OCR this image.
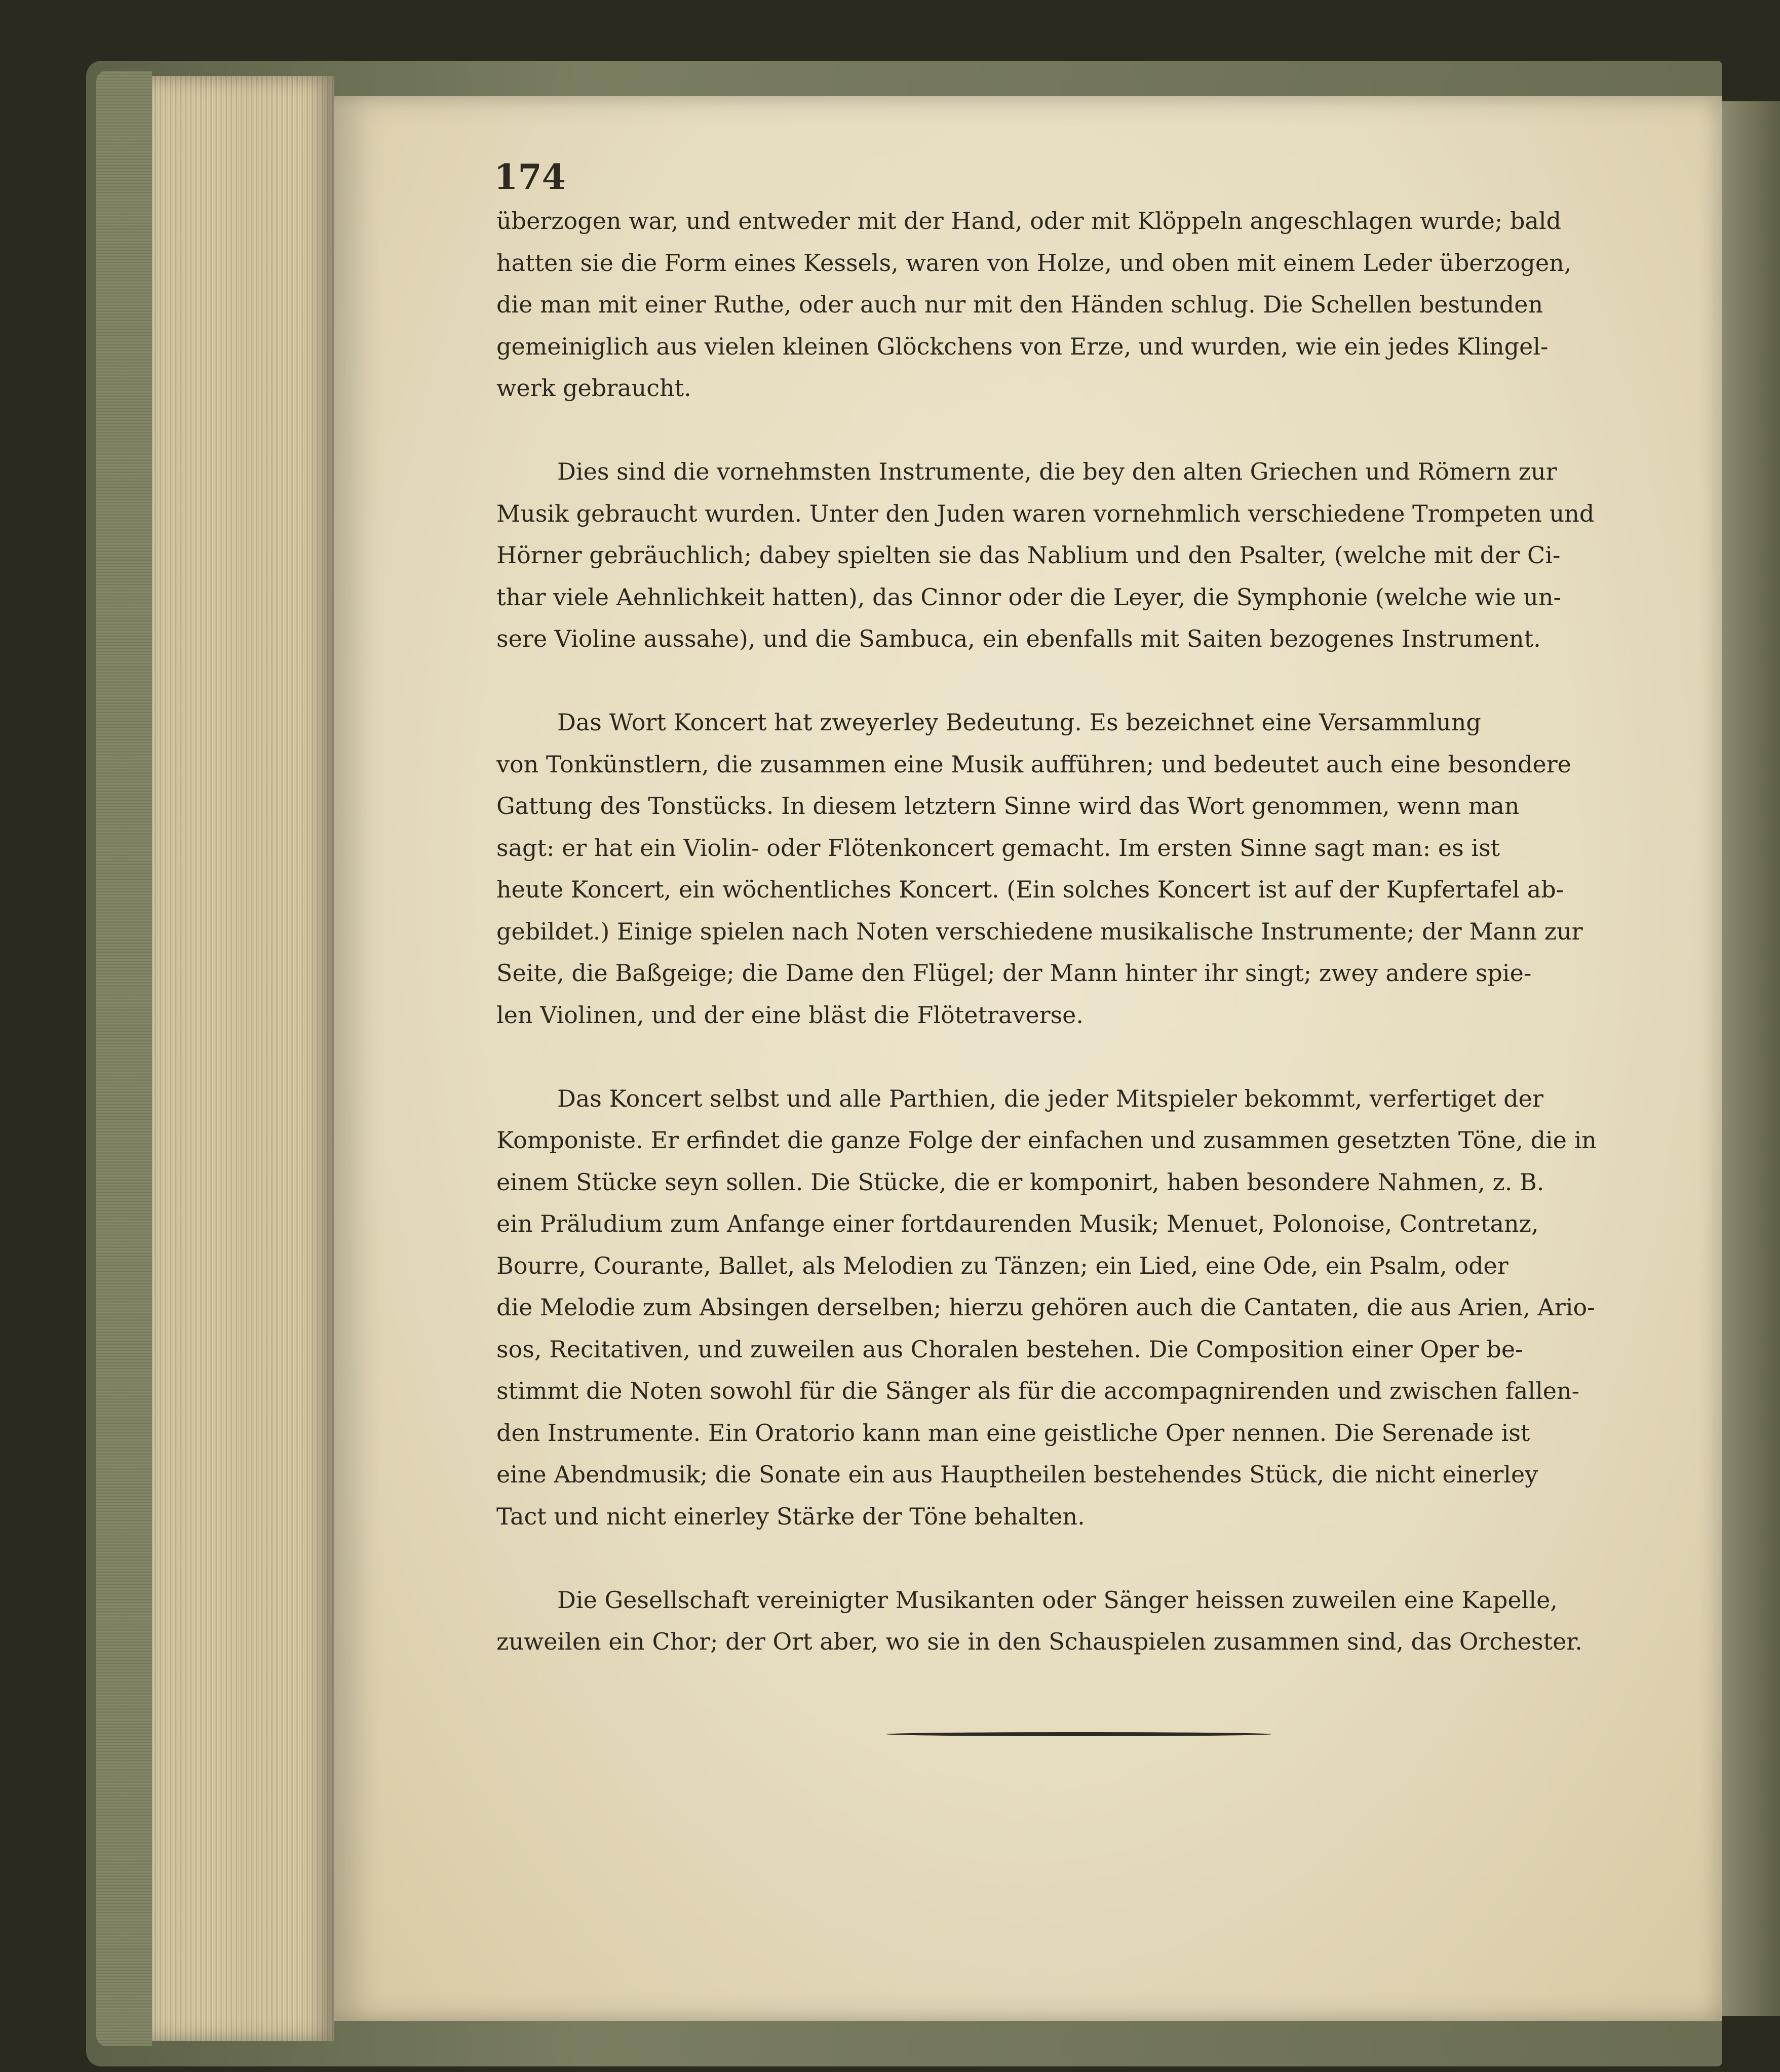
174
überzogen war, und entweder mit der Hand, oder mit Klöppeln angeschlagen wurde; bald
hatten sie die Form eines Kessels, waren von Holze, und oben mit einem Leder überzogen,
die man mit einer Ruthe, oder auch nur mit den Händen schlug. Die Schellen bestunden
gemeiniglich aus vielen kleinen Glöckchens von Erze, und wurden, wie ein jedes Klingel-
werk gebraucht.
Dies sind die vornehmsten Instrumente, die bey den alten Griechen und Römern zur
Musik gebraucht wurden. Unter den Juden waren vornehmlich verschiedene Trompeten und
Hörner gebräuchlich; dabey spielten sie das Nablium und den Psalter, (welche mit der Ci-
thar viele Aehnlichkeit hatten), das Cinnor oder die Leyer, die Symphonie (welche wie un-
sere Violine aussahe), und die Sambuca, ein ebenfalls mit Saiten bezogenes Instrument.
Das Wort Koncert hat zweyerley Bedeutung. Es bezeichnet eine Versammlung
von Tonkünstlern, die zusammen eine Musik aufführen; und bedeutet auch eine besondere
Gattung des Tonstücks. In diesem letztern Sinne wird das Wort genommen, wenn man
sagt: er hat ein Violin- oder Flötenkoncert gemacht. Im ersten Sinne sagt man: es ist
heute Koncert, ein wöchentliches Koncert. (Ein solches Koncert ist auf der Kupfertafel ab-
gebildet.) Einige spielen nach Noten verschiedene musikalische Instrumente; der Mann zur
Seite, die Baßgeige; die Dame den Flügel; der Mann hinter ihr singt; zwey andere spie-
len Violinen, und der eine bläst die Flötetraverse.
Das Koncert selbst und alle Parthien, die jeder Mitspieler bekommt, verfertiget der
Komponiste. Er erfindet die ganze Folge der einfachen und zusammen gesetzten Töne, die in
einem Stücke seyn sollen. Die Stücke, die er komponirt, haben besondere Nahmen, z. B.
ein Präludium zum Anfange einer fortdaurenden Musik; Menuet, Polonoise, Contretanz,
Bourre, Courante, Ballet, als Melodien zu Tänzen; ein Lied, eine Ode, ein Psalm, oder
die Melodie zum Absingen derselben; hierzu gehören auch die Cantaten, die aus Arien, Ario-
sos, Recitativen, und zuweilen aus Choralen bestehen. Die Composition einer Oper be-
stimmt die Noten sowohl für die Sänger als für die accompagnirenden und zwischen fallen-
den Instrumente. Ein Oratorio kann man eine geistliche Oper nennen. Die Serenade ist
eine Abendmusik; die Sonate ein aus Hauptheilen bestehendes Stück, die nicht einerley
Tact und nicht einerley Stärke der Töne behalten.
Die Gesellschaft vereinigter Musikanten oder Sänger heissen zuweilen eine Kapelle,
zuweilen ein Chor; der Ort aber, wo sie in den Schauspielen zusammen sind, das Orchester.
